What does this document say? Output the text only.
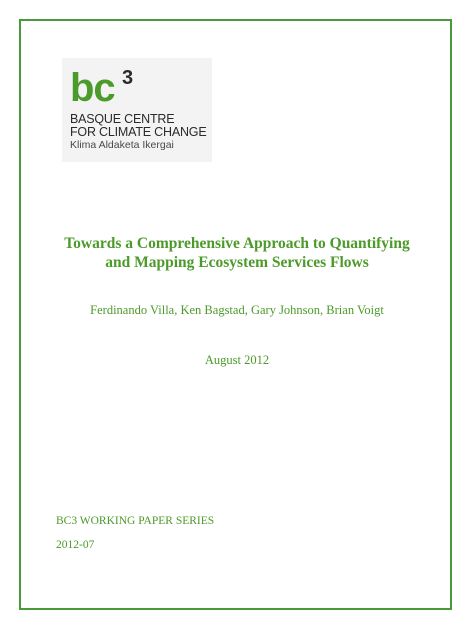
bc 3
BASQUE CENTRE
FOR CLIMATE CHANGE
Klima Aldaketa Ikergai
Towards a Comprehensive Approach to Quantifying
and Mapping Ecosystem Services Flows
Ferdinando Villa, Ken Bagstad, Gary Johnson, Brian Voigt
August 2012
BC3 WORKING PAPER SERIES
2012-07
